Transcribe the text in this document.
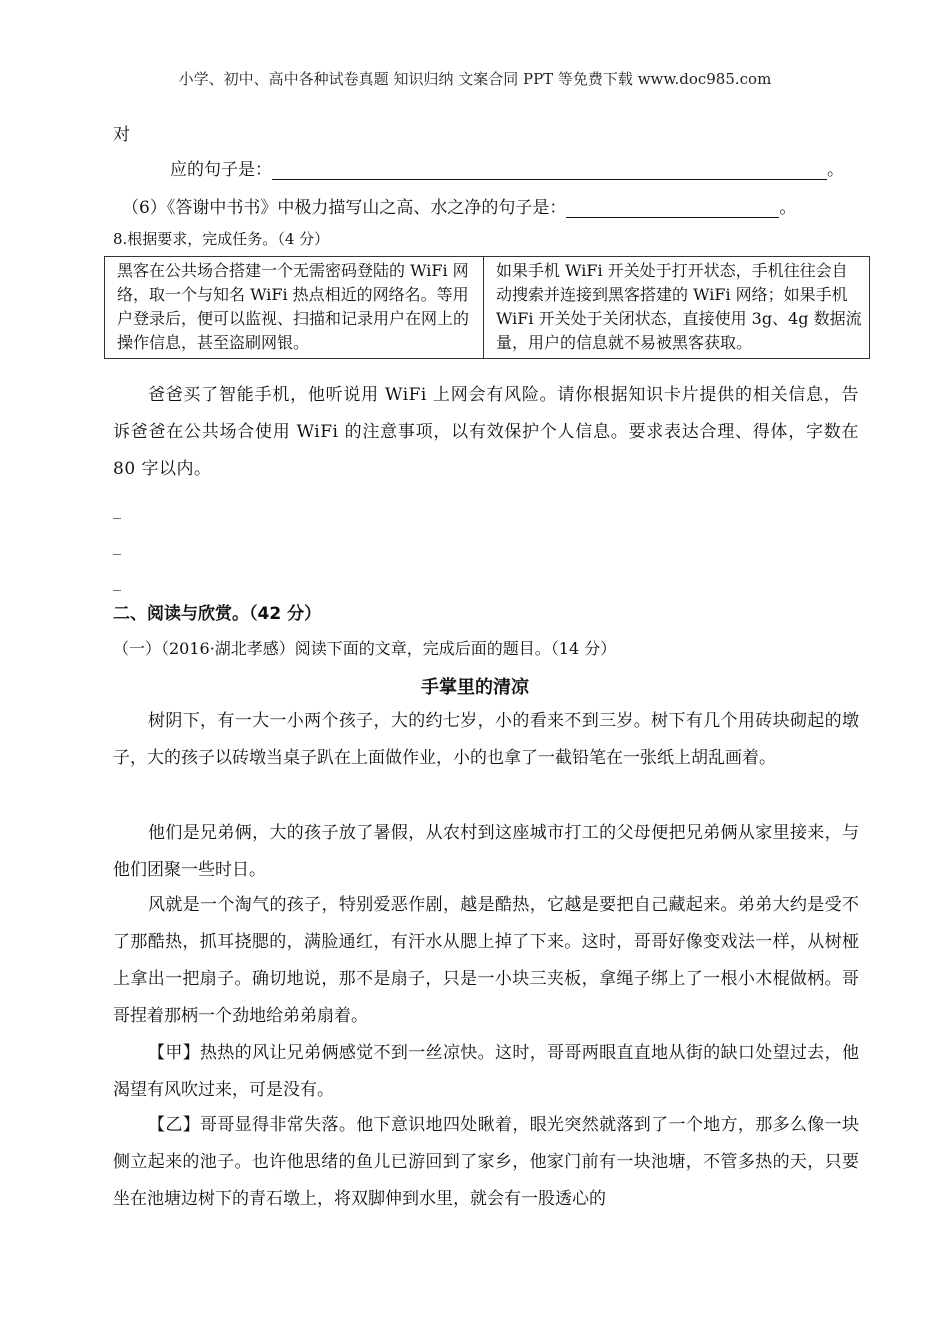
小学、初中、高中各种试卷真题 知识归纳 文案合同 PPT 等免费下载 www.doc985.com
对
应的句子是：	。
（6）《答谢中书书》中极力描写山之高、水之净的句子是：	。
8.根据要求，完成任务。（4 分）
黑客在公共场合搭建一个无需密码登陆的 WiFi 网络，取一个与知名 WiFi 热点相近的网络名。等用户登录后，便可以监视、扫描和记录用户在网上的操作信息，甚至盗刷网银。	如果手机 WiFi 开关处于打开状态，手机往往会自动搜索并连接到黑客搭建的 WiFi 网络；如果手机 WiFi 开关处于关闭状态，直接使用 3g、4g 数据流量，用户的信息就不易被黑客获取。
爸爸买了智能手机，他听说用 WiFi 上网会有风险。请你根据知识卡片提供的相关信息，告诉爸爸在公共场合使用 WiFi 的注意事项，以有效保护个人信息。要求表达合理、得体，字数在 80 字以内。
_
_
_
二、阅读与欣赏。（42 分）
（一）（2016·湖北孝感）阅读下面的文章，完成后面的题目。（14 分）
手掌里的清凉
树阴下，有一大一小两个孩子，大的约七岁，小的看来不到三岁。树下有几个用砖块砌起的墩子，大的孩子以砖墩当桌子趴在上面做作业，小的也拿了一截铅笔在一张纸上胡乱画着。
他们是兄弟俩，大的孩子放了暑假，从农村到这座城市打工的父母便把兄弟俩从家里接来，与他们团聚一些时日。
风就是一个淘气的孩子，特别爱恶作剧，越是酷热，它越是要把自己藏起来。弟弟大约是受不了那酷热，抓耳挠腮的，满脸通红，有汗水从腮上掉了下来。这时，哥哥好像变戏法一样，从树桠上拿出一把扇子。确切地说，那不是扇子，只是一小块三夹板，拿绳子绑上了一根小木棍做柄。哥哥捏着那柄一个劲地给弟弟扇着。
【甲】热热的风让兄弟俩感觉不到一丝凉快。这时，哥哥两眼直直地从街的缺口处望过去，他渴望有风吹过来，可是没有。
【乙】哥哥显得非常失落。他下意识地四处瞅着，眼光突然就落到了一个地方，那多么像一块侧立起来的池子。也许他思绪的鱼儿已游回到了家乡，他家门前有一块池塘，不管多热的天，只要坐在池塘边树下的青石墩上，将双脚伸到水里，就会有一股透心的
